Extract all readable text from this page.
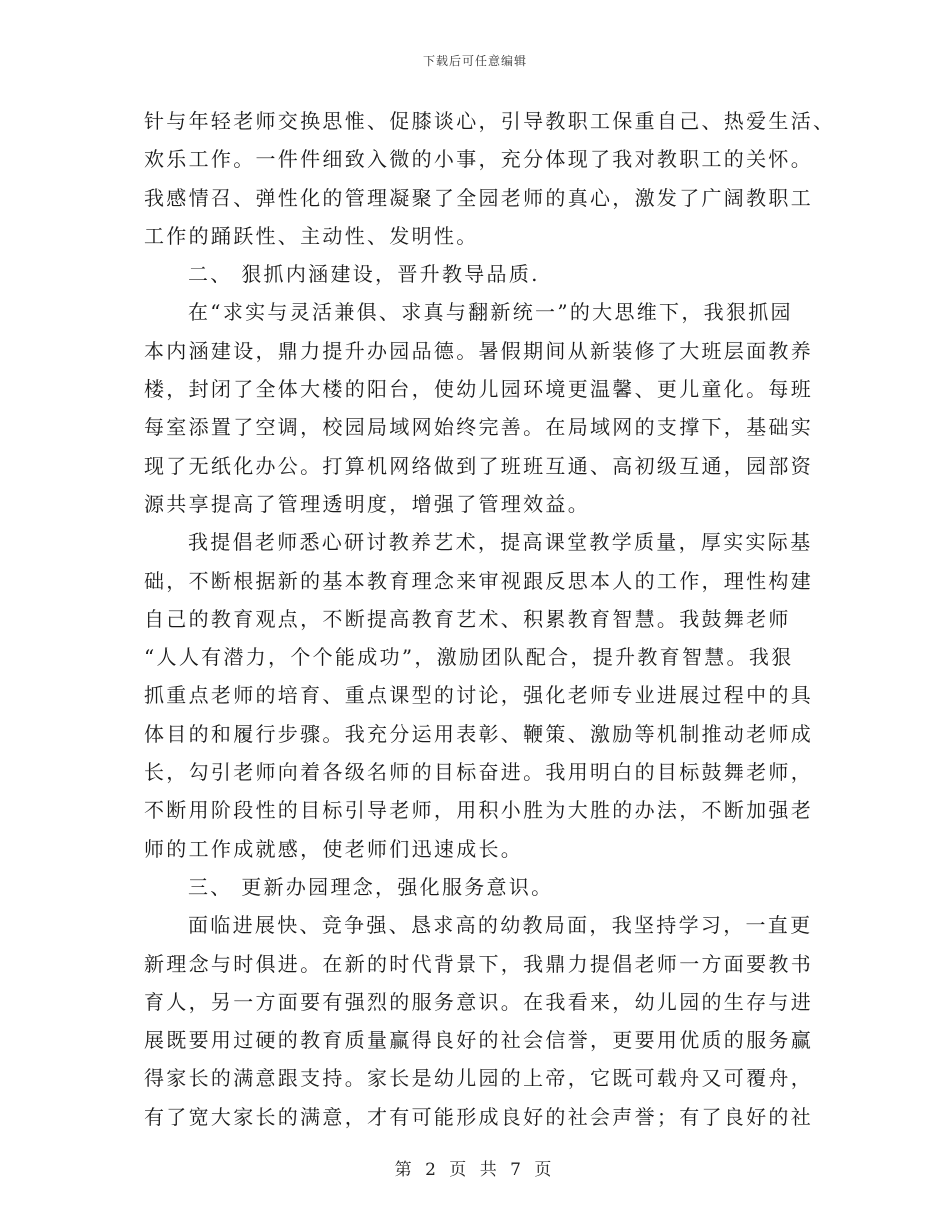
下载后可任意编辑
针与年轻老师交换思惟、促膝谈心，引导教职工保重自己、热爱生活、
欢乐工作。一件件细致入微的小事，充分体现了我对教职工的关怀。
我感情召、弹性化的管理凝聚了全园老师的真心，激发了广阔教职工
工作的踊跃性、主动性、发明性。
二、 狠抓内涵建设，晋升教导品质.
在“求实与灵活兼俱、求真与翻新统一”的大思维下，我狠抓园
本内涵建设，鼎力提升办园品德。暑假期间从新装修了大班层面教养
楼，封闭了全体大楼的阳台，使幼儿园环境更温馨、更儿童化。每班
每室添置了空调，校园局域网始终完善。在局域网的支撑下，基础实
现了无纸化办公。打算机网络做到了班班互通、高初级互通，园部资
源共享提高了管理透明度，增强了管理效益。
我提倡老师悉心研讨教养艺术，提高课堂教学质量，厚实实际基
础，不断根据新的基本教育理念来审视跟反思本人的工作，理性构建
自己的教育观点，不断提高教育艺术、积累教育智慧。我鼓舞老师
“人人有潜力，个个能成功”，激励团队配合，提升教育智慧。我狠
抓重点老师的培育、重点课型的讨论，强化老师专业进展过程中的具
体目的和履行步骤。我充分运用表彰、鞭策、激励等机制推动老师成
长，勾引老师向着各级名师的目标奋进。我用明白的目标鼓舞老师，
不断用阶段性的目标引导老师，用积小胜为大胜的办法，不断加强老
师的工作成就感，使老师们迅速成长。
三、 更新办园理念，强化服务意识。
面临进展快、竞争强、恳求高的幼教局面，我坚持学习，一直更
新理念与时俱进。在新的时代背景下，我鼎力提倡老师一方面要教书
育人，另一方面要有强烈的服务意识。在我看来，幼儿园的生存与进
展既要用过硬的教育质量赢得良好的社会信誉，更要用优质的服务赢
得家长的满意跟支持。家长是幼儿园的上帝，它既可载舟又可覆舟，
有了宽大家长的满意，才有可能形成良好的社会声誉；有了良好的社
第 2 页 共 7 页
